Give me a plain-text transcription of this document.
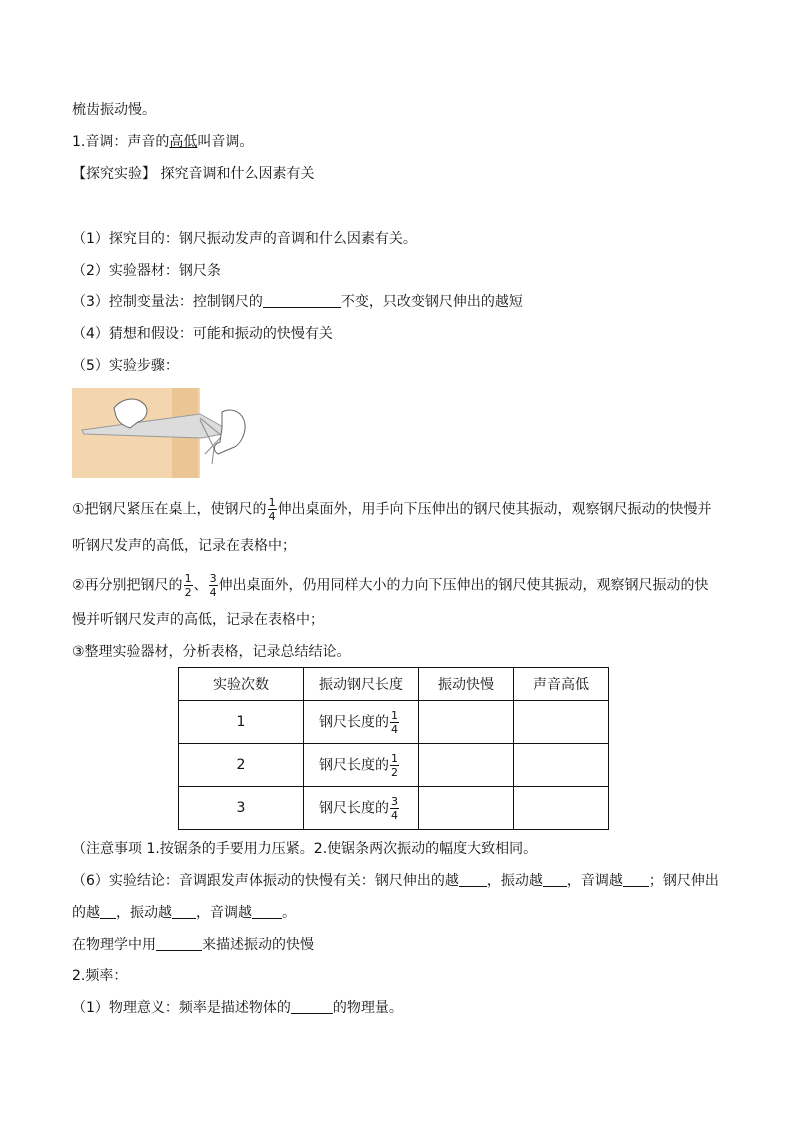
梳齿振动慢。
1.音调：声音的高低叫音调。
【探究实验】 探究音调和什么因素有关
（1）探究目的：钢尺振动发声的音调和什么因素有关。
（2）实验器材：钢尺条
（3）控制变量法：控制钢尺的	不变，只改变钢尺伸出的越短
（4）猜想和假设：可能和振动的快慢有关
（5）实验步骤：
①把钢尺紧压在桌上，使钢尺的 $\frac{1}{4}$ 伸出桌面外，用手向下压伸出的钢尺使其振动，观察钢尺振动的快慢并
听钢尺发声的高低，记录在表格中；
②再分别把钢尺的 $\frac{1}{2}$ 、 $\frac{3}{4}$ 伸出桌面外，仍用同样大小的力向下压伸出的钢尺使其振动，观察钢尺振动的快
慢并听钢尺发声的高低，记录在表格中；
③整理实验器材，分析表格，记录总结结论。
实验次数	振动钢尺长度	振动快慢	声音高低
1	钢尺长度的 $\frac{1}{4}$

2	钢尺长度的 $\frac{1}{2}$

3	钢尺长度的 $\frac{3}{4}$

（注意事项 1.按锯条的手要用力压紧。2.使锯条两次振动的幅度大致相同。
（6）实验结论：音调跟发声体振动的快慢有关：钢尺伸出的越 ，振动越 ，音调越 ；钢尺伸出
的越 ，振动越 ，音调越 。
在物理学中用	来描述振动的快慢
2.频率：
（1）物理意义：频率是描述物体的	的物理量。
